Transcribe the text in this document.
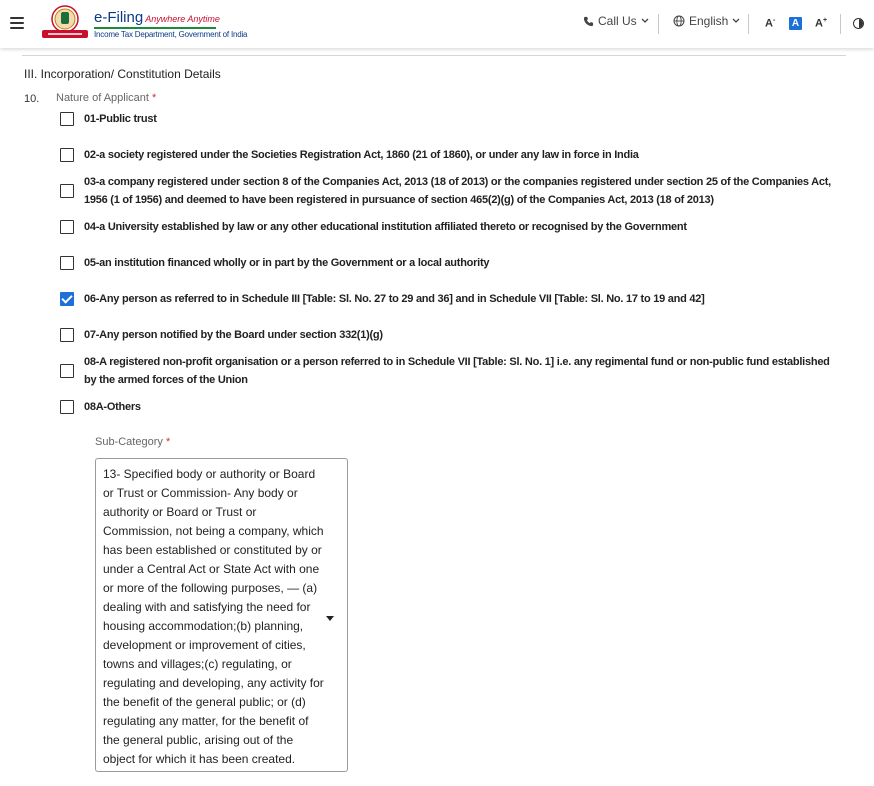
e-Filing Anywhere Anytime
Income Tax Department, Government of India
Call Us	English	A- A A+
III. Incorporation/ Constitution Details
10. Nature of Applicant *
01-Public trust
02-a society registered under the Societies Registration Act, 1860 (21 of 1860), or under any law in force in India
03-a company registered under section 8 of the Companies Act, 2013 (18 of 2013) or the companies registered under section 25 of the Companies Act, 1956 (1 of 1956) and deemed to have been registered in pursuance of section 465(2)(g) of the Companies Act, 2013 (18 of 2013)
04-a University established by law or any other educational institution affiliated thereto or recognised by the Government
05-an institution financed wholly or in part by the Government or a local authority
06-Any person as referred to in Schedule III [Table: Sl. No. 27 to 29 and 36] and in Schedule VII [Table: Sl. No. 17 to 19 and 42]
07-Any person notified by the Board under section 332(1)(g)
08-A registered non-profit organisation or a person referred to in Schedule VII [Table: Sl. No. 1] i.e. any regimental fund or non-public fund established by the armed forces of the Union
08A-Others
Sub-Category *
13- Specified body or authority or Board or Trust or Commission- Any body or authority or Board or Trust or Commission, not being a company, which has been established or constituted by or under a Central Act or State Act with one or more of the following purposes, — (a) dealing with and satisfying the need for housing accommodation;(b) planning, development or improvement of cities, towns and villages;(c) regulating, or regulating and developing, any activity for the benefit of the general public; or (d) regulating any matter, for the benefit of the general public, arising out of the object for which it has been created.
